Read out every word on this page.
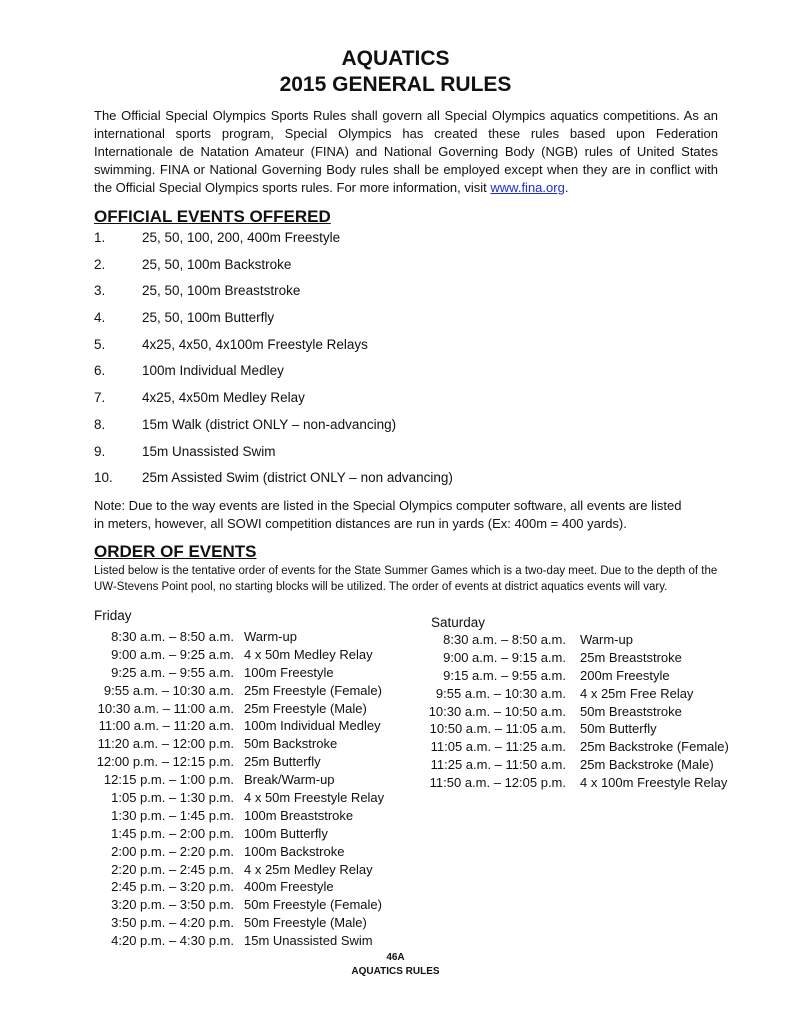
AQUATICS
2015 GENERAL RULES
The Official Special Olympics Sports Rules shall govern all Special Olympics aquatics competitions. As an international sports program, Special Olympics has created these rules based upon Federation Internationale de Natation Amateur (FINA) and National Governing Body (NGB) rules of United States swimming. FINA or National Governing Body rules shall be employed except when they are in conflict with the Official Special Olympics sports rules. For more information, visit www.fina.org.
OFFICIAL EVENTS OFFERED
1.	25, 50, 100, 200, 400m Freestyle
2.	25, 50, 100m Backstroke
3.	25, 50, 100m Breaststroke
4.	25, 50, 100m Butterfly
5.	4x25, 4x50, 4x100m Freestyle Relays
6.	100m Individual Medley
7.	4x25, 4x50m Medley Relay
8.	15m Walk (district ONLY – non-advancing)
9.	15m Unassisted Swim
10. 25m Assisted Swim (district ONLY – non advancing)
Note: Due to the way events are listed in the Special Olympics computer software, all events are listed in meters, however, all SOWI competition distances are run in yards (Ex: 400m = 400 yards).
ORDER OF EVENTS
Listed below is the tentative order of events for the State Summer Games which is a two-day meet. Due to the depth of the UW-Stevens Point pool, no starting blocks will be utilized. The order of events at district aquatics events will vary.
Friday
8:30 a.m. – 8:50 a.m. Warm-up
9:00 a.m. – 9:25 a.m. 4 x 50m Medley Relay
9:25 a.m. – 9:55 a.m. 100m Freestyle
9:55 a.m. – 10:30 a.m. 25m Freestyle (Female)
10:30 a.m. – 11:00 a.m. 25m Freestyle (Male)
11:00 a.m. – 11:20 a.m. 100m Individual Medley
11:20 a.m. – 12:00 p.m. 50m Backstroke
12:00 p.m. – 12:15 p.m. 25m Butterfly
12:15 p.m. – 1:00 p.m. Break/Warm-up
1:05 p.m. – 1:30 p.m. 4 x 50m Freestyle Relay
1:30 p.m. – 1:45 p.m. 100m Breaststroke
1:45 p.m. – 2:00 p.m. 100m Butterfly
2:00 p.m. – 2:20 p.m. 100m Backstroke
2:20 p.m. – 2:45 p.m. 4 x 25m Medley Relay
2:45 p.m. – 3:20 p.m. 400m Freestyle
3:20 p.m. – 3:50 p.m. 50m Freestyle (Female)
3:50 p.m. – 4:20 p.m. 50m Freestyle (Male)
4:20 p.m. – 4:30 p.m. 15m Unassisted Swim
Saturday
8:30 a.m. – 8:50 a.m. Warm-up
9:00 a.m. – 9:15 a.m. 25m Breaststroke
9:15 a.m. – 9:55 a.m. 200m Freestyle
9:55 a.m. – 10:30 a.m. 4 x 25m Free Relay
10:30 a.m. – 10:50 a.m. 50m Breaststroke
10:50 a.m. – 11:05 a.m. 50m Butterfly
11:05 a.m. – 11:25 a.m. 25m Backstroke (Female)
11:25 a.m. – 11:50 a.m. 25m Backstroke (Male)
11:50 a.m. – 12:05 p.m. 4 x 100m Freestyle Relay
46A
AQUATICS RULES
